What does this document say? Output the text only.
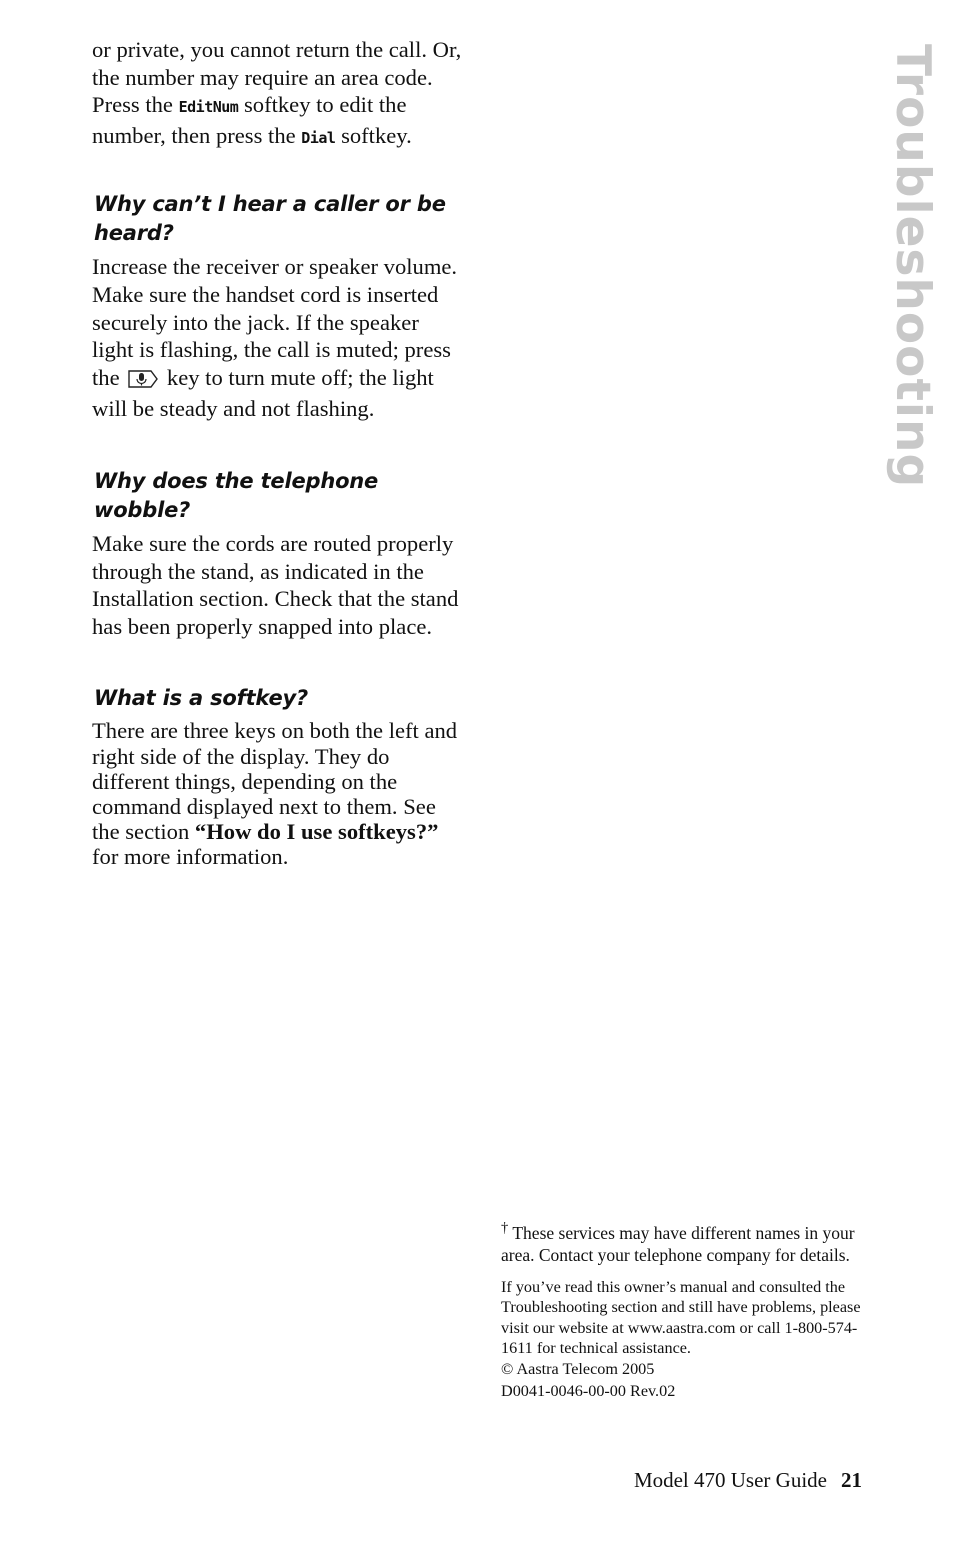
Troubleshooting

or private, you cannot return the call. Or, the number may require an area code. Press the EditNum softkey to edit the number, then press the Dial softkey.

Why can’t I hear a caller or be heard?

Increase the receiver or speaker volume. Make sure the handset cord is inserted securely into the jack. If the speaker light is flashing, the call is muted; press the  key to turn mute off; the light will be steady and not flashing.

Why does the telephone wobble?

Make sure the cords are routed properly through the stand, as indicated in the Installation section. Check that the stand has been properly snapped into place.

What is a softkey?

There are three keys on both the left and right side of the display. They do different things, depending on the command displayed next to them. See the section “How do I use softkeys?” for more information.

† These services may have different names in your area. Contact your telephone company for details.

If you’ve read this owner’s manual and consulted the Troubleshooting section and still have problems, please visit our website at www.aastra.com or call 1-800-574-1611 for technical assistance.

© Aastra Telecom 2005

D0041-0046-00-00 Rev.02

Model 470 User Guide 21
